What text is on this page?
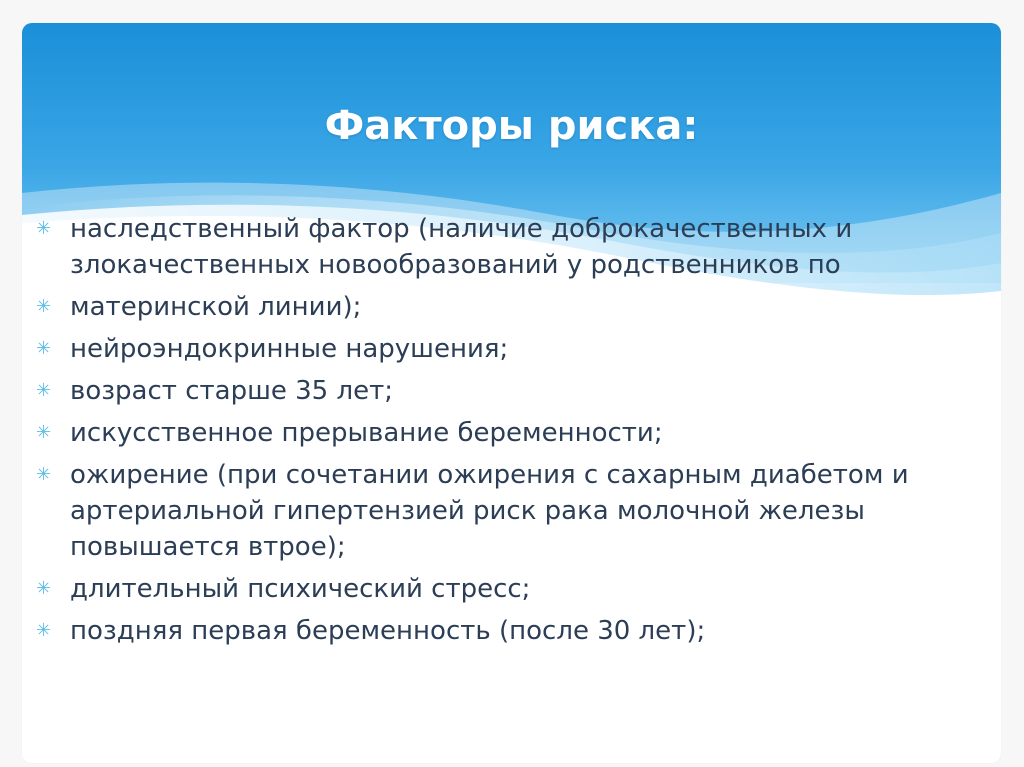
Факторы риска:
✳ наследственный фактор (наличие доброкачественных и злокачественных новообразований у родственников по
✳ материнской линии);
✳ нейроэндокринные нарушения;
✳ возраст старше 35 лет;
✳ искусственное прерывание беременности;
✳ ожирение (при сочетании ожирения с сахарным диабетом и артериальной гипертензией риск рака молочной железы повышается втрое);
✳ длительный психический стресс;
✳ поздняя первая беременность (после 30 лет);
